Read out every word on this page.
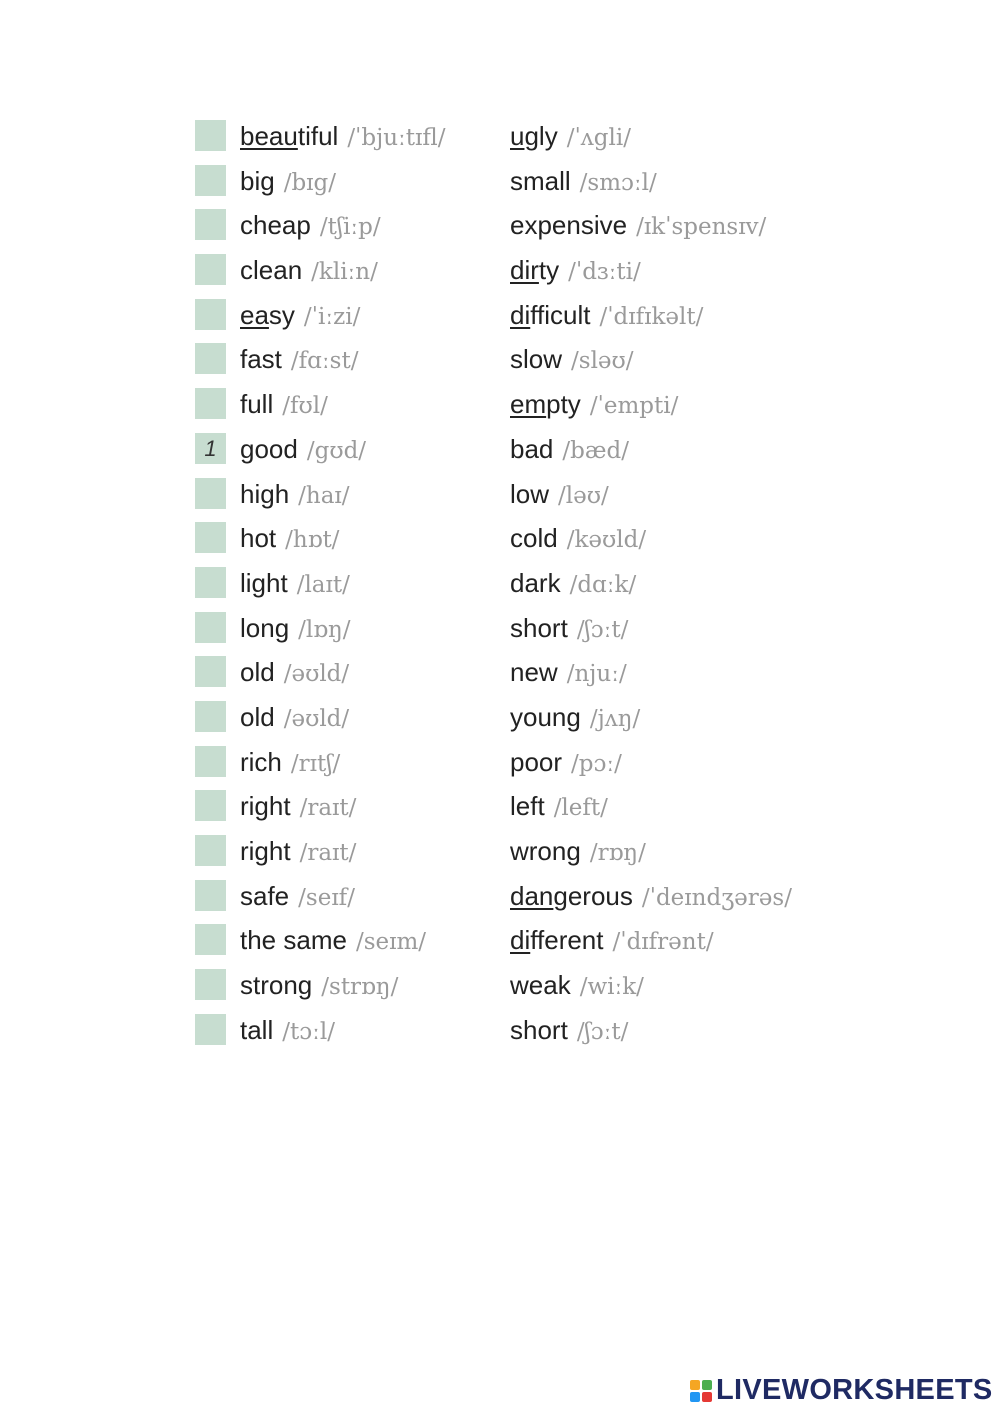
beautiful /ˈbjuːtɪfl/ ugly /ˈʌgli/
big /bɪg/	small /smɔːl/
cheap /tʃiːp/	expensive /ɪkˈspensɪv/
clean /kliːn/	dirty /ˈdɜːti/
easy /ˈiːzi/	difficult /ˈdɪfɪkəlt/
fast /fɑːst/	slow /sləʊ/
full /fʊl/	empty /ˈempti/
1 good /gʊd/	bad /bæd/
high /haɪ/	low /ləʊ/
hot /hɒt/	cold /kəʊld/
light /laɪt/	dark /dɑːk/
long /lɒŋ/	short /ʃɔːt/
old /əʊld/	new /njuː/
old /əʊld/	young /jʌŋ/
rich /rɪtʃ/	poor /pɔː/
right /raɪt/	left /left/
right /raɪt/	wrong /rɒŋ/
safe /seɪf/	dangerous /ˈdeɪndʒərəs/
the same /seɪm/	different /ˈdɪfrənt/
strong /strɒŋ/	weak /wiːk/
tall /tɔːl/	short /ʃɔːt/
LIVEWORKSHEETS
